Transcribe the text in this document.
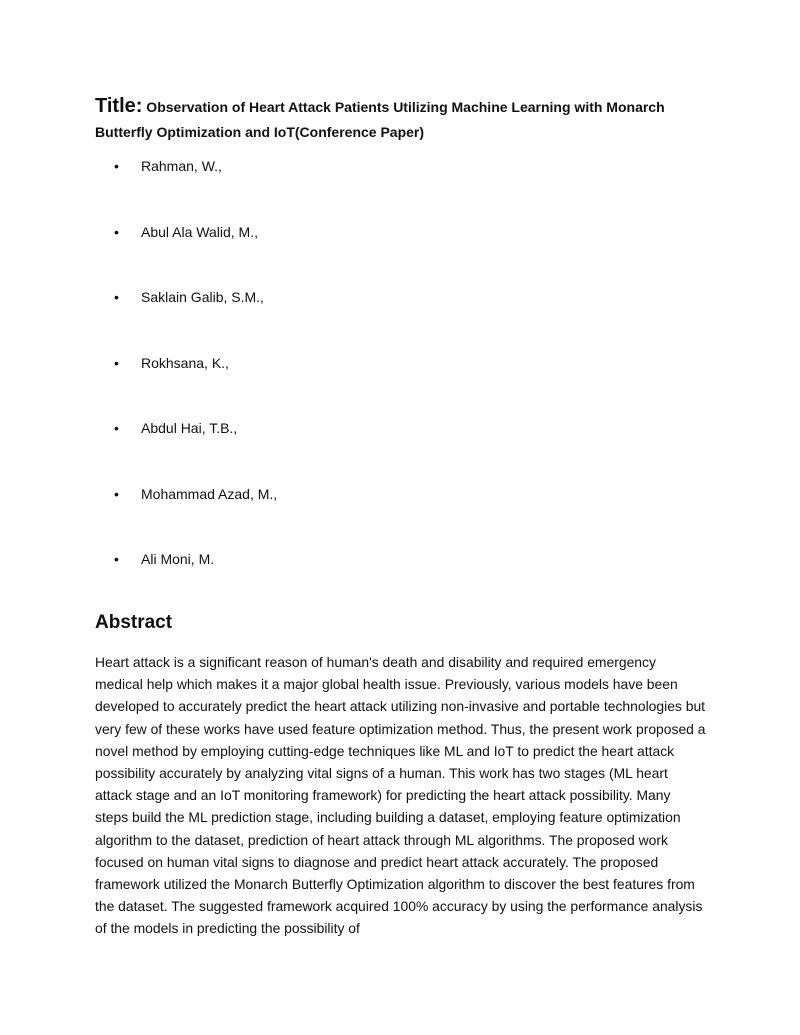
Title: Observation of Heart Attack Patients Utilizing Machine Learning with Monarch Butterfly Optimization and IoT(Conference Paper)
• Rahman, W.,
• Abul Ala Walid, M.,
• Saklain Galib, S.M.,
• Rokhsana, K.,
• Abdul Hai, T.B.,
• Mohammad Azad, M.,
• Ali Moni, M.
Abstract

Heart attack is a significant reason of human's death and disability and required emergency medical help which makes it a major global health issue. Previously, various models have been developed to accurately predict the heart attack utilizing non-invasive and portable technologies but very few of these works have used feature optimization method. Thus, the present work proposed a novel method by employing cutting-edge techniques like ML and IoT to predict the heart attack possibility accurately by analyzing vital signs of a human. This work has two stages (ML heart attack stage and an IoT monitoring framework) for predicting the heart attack possibility. Many steps build the ML prediction stage, including building a dataset, employing feature optimization algorithm to the dataset, prediction of heart attack through ML algorithms. The proposed work focused on human vital signs to diagnose and predict heart attack accurately. The proposed framework utilized the Monarch Butterfly Optimization algorithm to discover the best features from the dataset. The suggested framework acquired 100% accuracy by using the performance analysis of the models in predicting the possibility of
